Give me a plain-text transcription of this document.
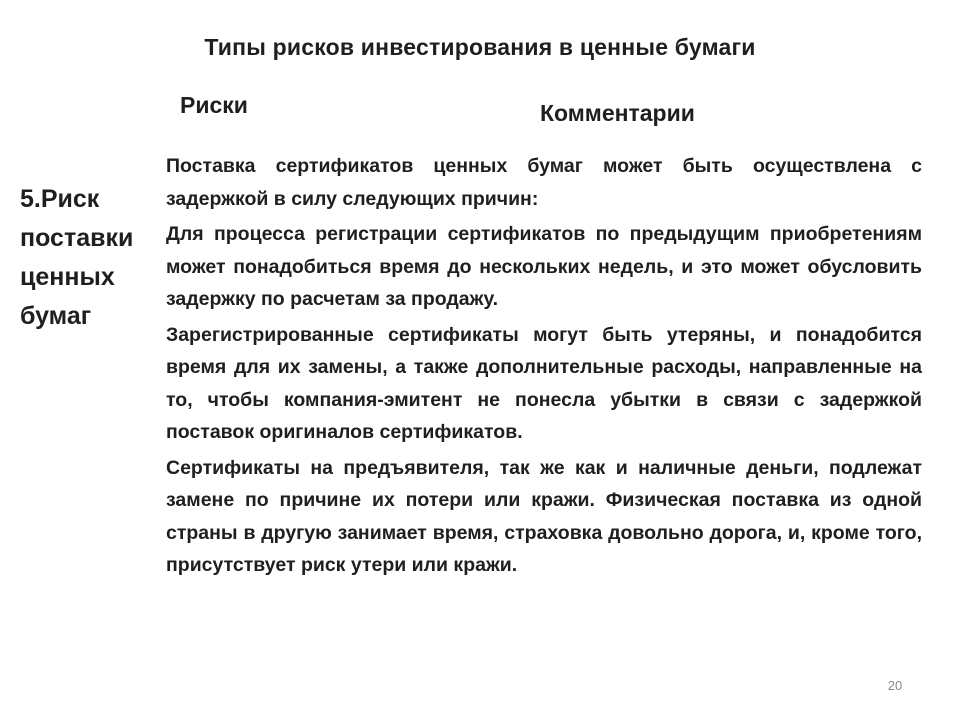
Типы рисков инвестирования в ценные бумаги
Риски	Комментарии
5.Риск
поставки
ценных
бумаг

Поставка сертификатов ценных бумаг может быть осуществлена с задержкой в силу следующих причин:

Для процесса регистрации сертификатов по предыдущим приобретениям может понадобиться время до нескольких недель, и это может обусловить задержку по расчетам за продажу.

Зарегистрированные сертификаты могут быть утеряны, и понадобится время для их замены, а также дополнительные расходы, направленные на то, чтобы компания-эмитент не понесла убытки в связи с задержкой поставок оригиналов сертификатов.

Сертификаты на предъявителя, так же как и наличные деньги, подлежат замене по причине их потери или кражи. Физическая поставка из одной страны в другую занимает время, страховка довольно дорога, и, кроме того, присутствует риск утери или кражи.

20
